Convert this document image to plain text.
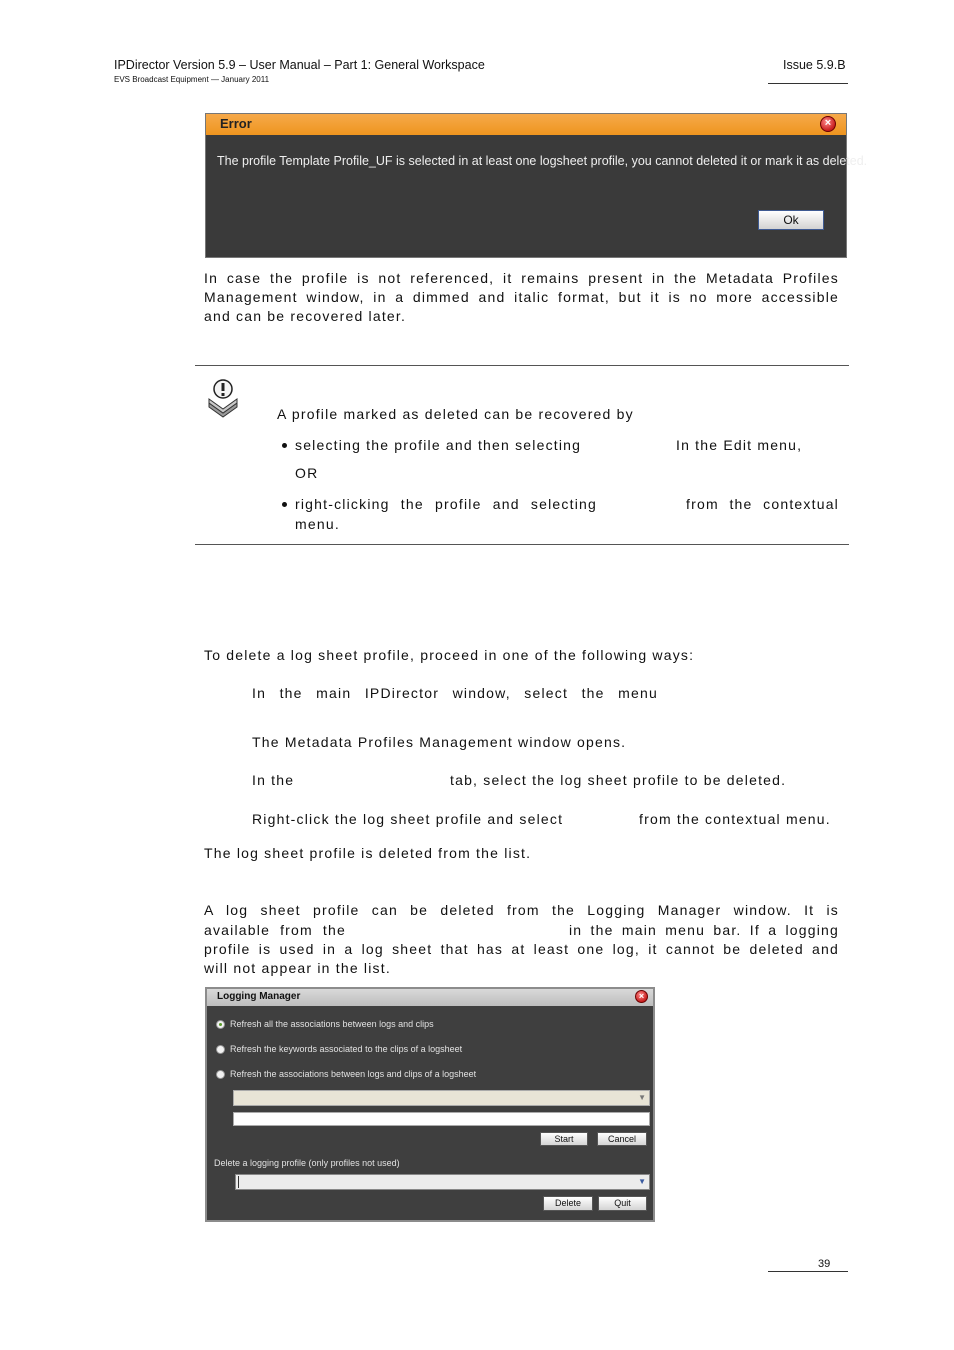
IPDirector Version 5.9 – User Manual – Part 1: General Workspace
EVS Broadcast Equipment — January 2011
Issue 5.9.B
Error	×
The profile Template Profile_UF is selected in at least one logsheet profile, you cannot deleted it or mark it as deleted.
Ok
In case the profile is not referenced, it remains present in the Metadata Profiles
Management window, in a dimmed and italic format, but it is no more accessible
and can be recovered later.
A profile marked as deleted can be recovered by
selecting the profile and then selecting	In the Edit menu,
OR
right-clicking the profile and selecting	from the contextual
menu.
To delete a log sheet profile, proceed in one of the following ways:
In the main IPDirector window, select the menu
The Metadata Profiles Management window opens.
In the	tab, select the log sheet profile to be deleted.
Right-click the log sheet profile and select	from the contextual menu.
The log sheet profile is deleted from the list.
A log sheet profile can be deleted from the Logging Manager window. It is
available from the	in the main menu bar. If a logging
profile is used in a log sheet that has at least one log, it cannot be deleted and
will not appear in the list.
Logging Manager	×
Refresh all the associations between logs and clips
Refresh the keywords associated to the clips of a logsheet
Refresh the associations between logs and clips of a logsheet
▼
Start	Cancel
Delete a logging profile (only profiles not used)
▼
Delete	Quit
39
